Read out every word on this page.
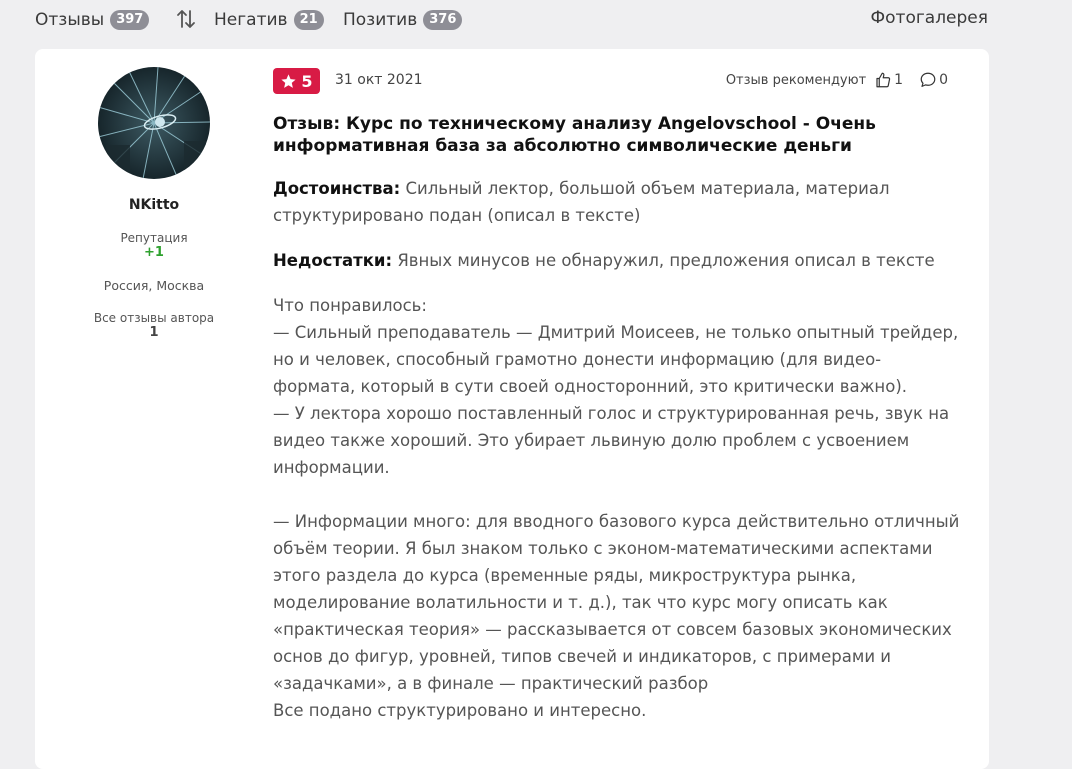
Отзывы 397	Негатив 21	Позитив 376	Фотогалерея
NKitto
Репутация
+1
Россия, Москва
Все отзывы автора
1
5 31 окт 2021	Отзыв рекомендуют 1	0
Отзыв: Курс по техническому анализу Angelovschool - Очень информативная база за абсолютно символические деньги
Достоинства: Сильный лектор, большой объем материала, материал структурировано подан (описал в тексте)
Недостатки: Явных минусов не обнаружил, предложения описал в тексте
Что понравилось:
— Сильный преподаватель — Дмитрий Моисеев, не только опытный трейдер, но и человек, способный грамотно донести информацию (для видео-формата, который в сути своей односторонний, это критически важно).
— У лектора хорошо поставленный голос и структурированная речь, звук на видео также хороший. Это убирает львиную долю проблем с усвоением информации.
— Информации много: для вводного базового курса действительно отличный объём теории. Я был знаком только с эконом-математическими аспектами этого раздела до курса (временные ряды, микроструктура рынка, моделирование волатильности и т. д.), так что курс могу описать как «практическая теория» — рассказывается от совсем базовых экономических основ до фигур, уровней, типов свечей и индикаторов, с примерами и «задачками», а в финале — практический разбор
Все подано структурировано и интересно.
